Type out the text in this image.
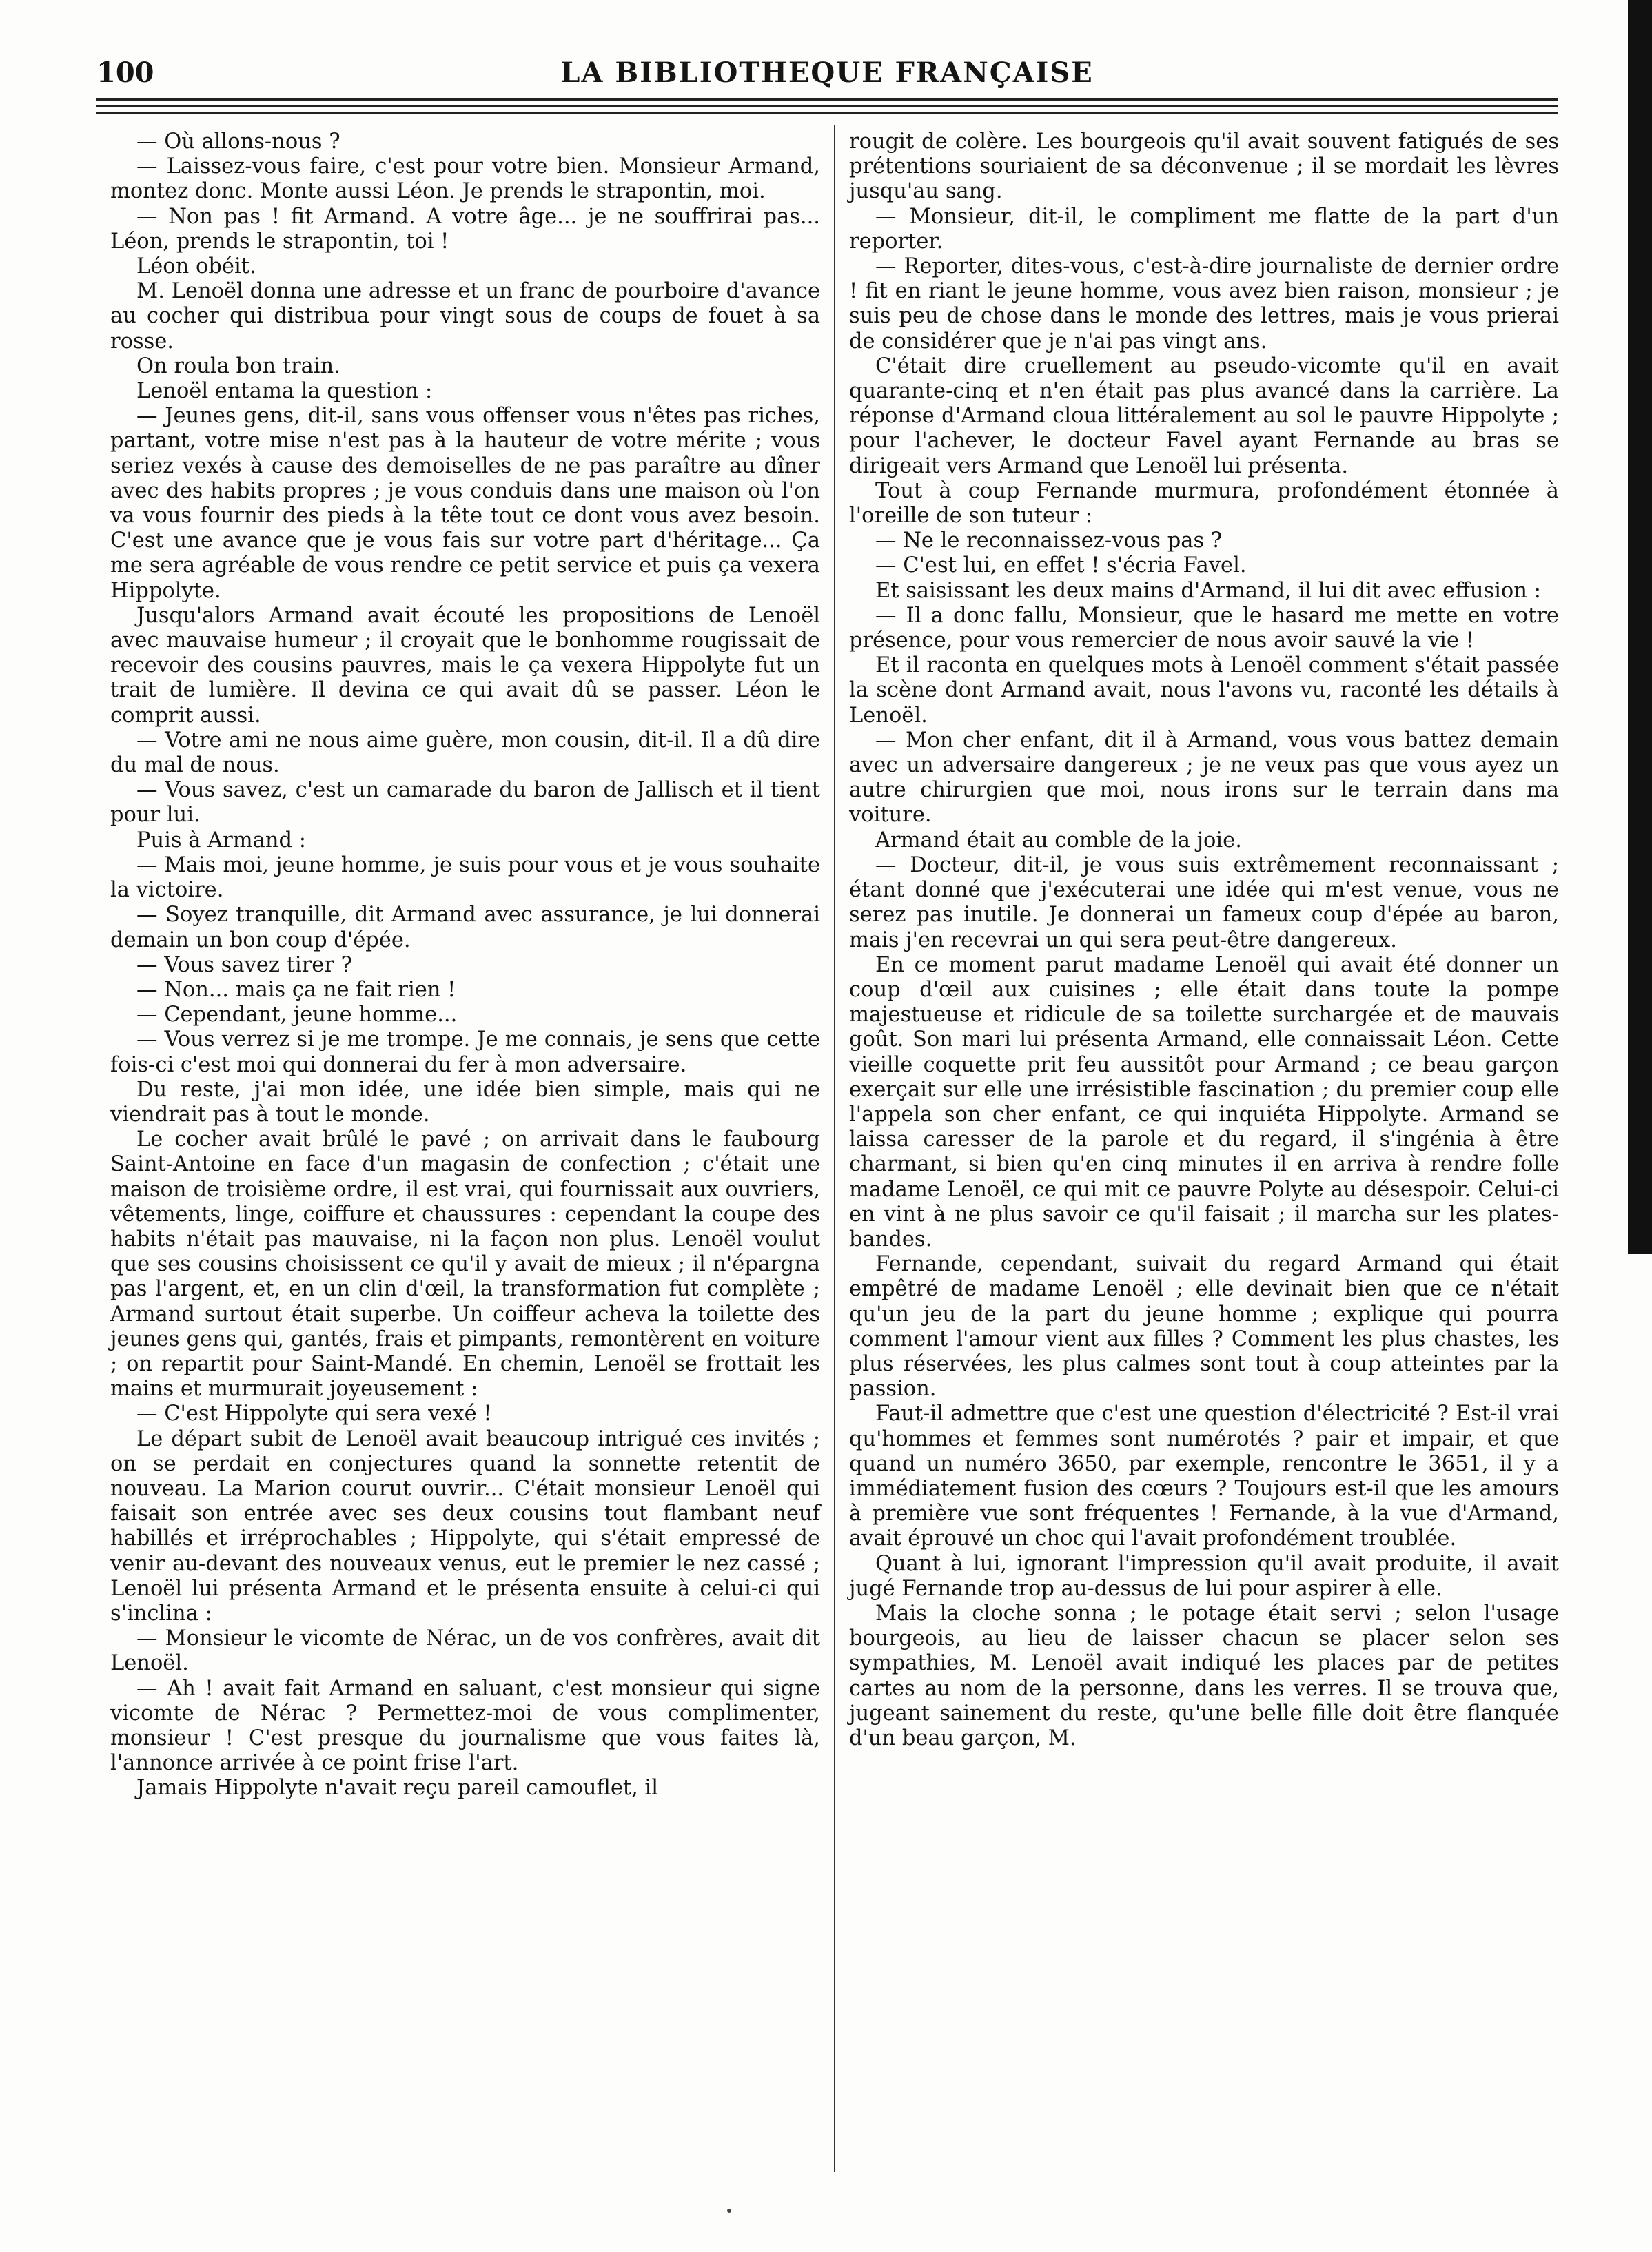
100	LA BIBLIOTHEQUE FRANÇAISE

— Où allons-nous ?

— Laissez-vous faire, c'est pour votre bien. Monsieur Armand, montez donc. Monte aussi Léon. Je prends le strapontin, moi.

— Non pas ! fit Armand. A votre âge... je ne souffrirai pas... Léon, prends le strapontin, toi !

Léon obéit.

M. Lenoël donna une adresse et un franc de pourboire d'avance au cocher qui distribua pour vingt sous de coups de fouet à sa rosse.

On roula bon train.

Lenoël entama la question :

— Jeunes gens, dit-il, sans vous offenser vous n'êtes pas riches, partant, votre mise n'est pas à la hauteur de votre mérite ; vous seriez vexés à cause des demoiselles de ne pas paraître au dîner avec des habits propres ; je vous conduis dans une maison où l'on va vous fournir des pieds à la tête tout ce dont vous avez besoin. C'est une avance que je vous fais sur votre part d'héritage... Ça me sera agréable de vous rendre ce petit service et puis ça vexera Hippolyte.

Jusqu'alors Armand avait écouté les propositions de Lenoël avec mauvaise humeur ; il croyait que le bonhomme rougissait de recevoir des cousins pauvres, mais le ça vexera Hippolyte fut un trait de lumière. Il devina ce qui avait dû se passer. Léon le comprit aussi.

— Votre ami ne nous aime guère, mon cousin, dit-il. Il a dû dire du mal de nous.

— Vous savez, c'est un camarade du baron de Jallisch et il tient pour lui.

Puis à Armand :

— Mais moi, jeune homme, je suis pour vous et je vous souhaite la victoire.

— Soyez tranquille, dit Armand avec assurance, je lui donnerai demain un bon coup d'épée.

— Vous savez tirer ?

— Non... mais ça ne fait rien !

— Cependant, jeune homme...

— Vous verrez si je me trompe. Je me connais, je sens que cette fois-ci c'est moi qui donnerai du fer à mon adversaire.

Du reste, j'ai mon idée, une idée bien simple, mais qui ne viendrait pas à tout le monde.

Le cocher avait brûlé le pavé ; on arrivait dans le faubourg Saint-Antoine en face d'un magasin de confection ; c'était une maison de troisième ordre, il est vrai, qui fournissait aux ouvriers, vêtements, linge, coiffure et chaussures : cependant la coupe des habits n'était pas mauvaise, ni la façon non plus. Lenoël voulut que ses cousins choisissent ce qu'il y avait de mieux ; il n'épargna pas l'argent, et, en un clin d'œil, la transformation fut complète ; Armand surtout était superbe. Un coiffeur acheva la toilette des jeunes gens qui, gantés, frais et pimpants, remontèrent en voiture ; on repartit pour Saint-Mandé. En chemin, Lenoël se frottait les mains et murmurait joyeusement :

— C'est Hippolyte qui sera vexé !

Le départ subit de Lenoël avait beaucoup intrigué ces invités ; on se perdait en conjectures quand la sonnette retentit de nouveau. La Marion courut ouvrir... C'était monsieur Lenoël qui faisait son entrée avec ses deux cousins tout flambant neuf habillés et irréprochables ; Hippolyte, qui s'était empressé de venir au-devant des nouveaux venus, eut le premier le nez cassé ; Lenoël lui présenta Armand et le présenta ensuite à celui-ci qui s'inclina :

— Monsieur le vicomte de Nérac, un de vos confrères, avait dit Lenoël.

— Ah ! avait fait Armand en saluant, c'est monsieur qui signe vicomte de Nérac ? Permettez-moi de vous complimenter, monsieur ! C'est presque du journalisme que vous faites là, l'annonce arrivée à ce point frise l'art.

Jamais Hippolyte n'avait reçu pareil camouflet, il

rougit de colère. Les bourgeois qu'il avait souvent fatigués de ses prétentions souriaient de sa déconvenue ; il se mordait les lèvres jusqu'au sang.

— Monsieur, dit-il, le compliment me flatte de la part d'un reporter.

— Reporter, dites-vous, c'est-à-dire journaliste de dernier ordre ! fit en riant le jeune homme, vous avez bien raison, monsieur ; je suis peu de chose dans le monde des lettres, mais je vous prierai de considérer que je n'ai pas vingt ans.

C'était dire cruellement au pseudo-vicomte qu'il en avait quarante-cinq et n'en était pas plus avancé dans la carrière. La réponse d'Armand cloua littéralement au sol le pauvre Hippolyte ; pour l'achever, le docteur Favel ayant Fernande au bras se dirigeait vers Armand que Lenoël lui présenta.

Tout à coup Fernande murmura, profondément étonnée à l'oreille de son tuteur :

— Ne le reconnaissez-vous pas ?

— C'est lui, en effet ! s'écria Favel.

Et saisissant les deux mains d'Armand, il lui dit avec effusion :

— Il a donc fallu, Monsieur, que le hasard me mette en votre présence, pour vous remercier de nous avoir sauvé la vie !

Et il raconta en quelques mots à Lenoël comment s'était passée la scène dont Armand avait, nous l'avons vu, raconté les détails à Lenoël.

— Mon cher enfant, dit il à Armand, vous vous battez demain avec un adversaire dangereux ; je ne veux pas que vous ayez un autre chirurgien que moi, nous irons sur le terrain dans ma voiture.

Armand était au comble de la joie.

— Docteur, dit-il, je vous suis extrêmement reconnaissant ; étant donné que j'exécuterai une idée qui m'est venue, vous ne serez pas inutile. Je donnerai un fameux coup d'épée au baron, mais j'en recevrai un qui sera peut-être dangereux.

En ce moment parut madame Lenoël qui avait été donner un coup d'œil aux cuisines ; elle était dans toute la pompe majestueuse et ridicule de sa toilette surchargée et de mauvais goût. Son mari lui présenta Armand, elle connaissait Léon. Cette vieille coquette prit feu aussitôt pour Armand ; ce beau garçon exerçait sur elle une irrésistible fascination ; du premier coup elle l'appela son cher enfant, ce qui inquiéta Hippolyte. Armand se laissa caresser de la parole et du regard, il s'ingénia à être charmant, si bien qu'en cinq minutes il en arriva à rendre folle madame Lenoël, ce qui mit ce pauvre Polyte au désespoir. Celui-ci en vint à ne plus savoir ce qu'il faisait ; il marcha sur les plates-bandes.

Fernande, cependant, suivait du regard Armand qui était empêtré de madame Lenoël ; elle devinait bien que ce n'était qu'un jeu de la part du jeune homme ; explique qui pourra comment l'amour vient aux filles ? Comment les plus chastes, les plus réservées, les plus calmes sont tout à coup atteintes par la passion.

Faut-il admettre que c'est une question d'électricité ? Est-il vrai qu'hommes et femmes sont numérotés ? pair et impair, et que quand un numéro 3650, par exemple, rencontre le 3651, il y a immédiatement fusion des cœurs ? Toujours est-il que les amours à première vue sont fréquentes ! Fernande, à la vue d'Armand, avait éprouvé un choc qui l'avait profondément troublée.

Quant à lui, ignorant l'impression qu'il avait produite, il avait jugé Fernande trop au-dessus de lui pour aspirer à elle.

Mais la cloche sonna ; le potage était servi ; selon l'usage bourgeois, au lieu de laisser chacun se placer selon ses sympathies, M. Lenoël avait indiqué les places par de petites cartes au nom de la personne, dans les verres. Il se trouva que, jugeant sainement du reste, qu'une belle fille doit être flanquée d'un beau garçon, M.
